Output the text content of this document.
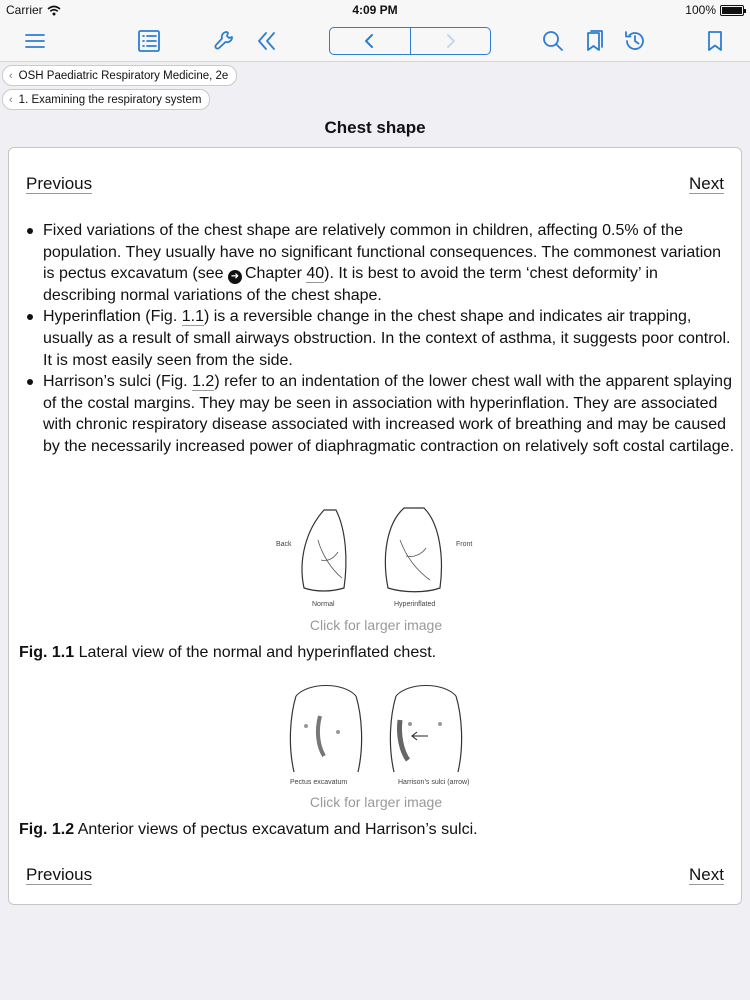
Carrier	4:09 PM	100%
‹ OSH Paediatric Respiratory Medicine, 2e
‹ 1. Examining the respiratory system
Chest shape
Previous	Next
Fixed variations of the chest shape are relatively common in children, affecting 0.5% of the population. They usually have no significant functional consequences. The commonest variation is pectus excavatum (see ➜ Chapter 40). It is best to avoid the term ‘chest deformity’ in describing normal variations of the chest shape.
Hyperinflation (Fig. 1.1) is a reversible change in the chest shape and indicates air trapping, usually as a result of small airways obstruction. In the context of asthma, it suggests poor control. It is most easily seen from the side.
Harrison’s sulci (Fig. 1.2) refer to an indentation of the lower chest wall with the apparent splaying of the costal margins. They may be seen in association with hyperinflation. They are associated with chronic respiratory disease associated with increased work of breathing and may be caused by the necessarily increased power of diaphragmatic contraction on relatively soft costal cartilage.
Back	Front
Normal	Hyperinflated
Click for larger image
Fig. 1.1 Lateral view of the normal and hyperinflated chest.
Pectus excavatum	Harrison’s sulci (arrow)
Click for larger image
Fig. 1.2 Anterior views of pectus excavatum and Harrison’s sulci.
Previous	Next
